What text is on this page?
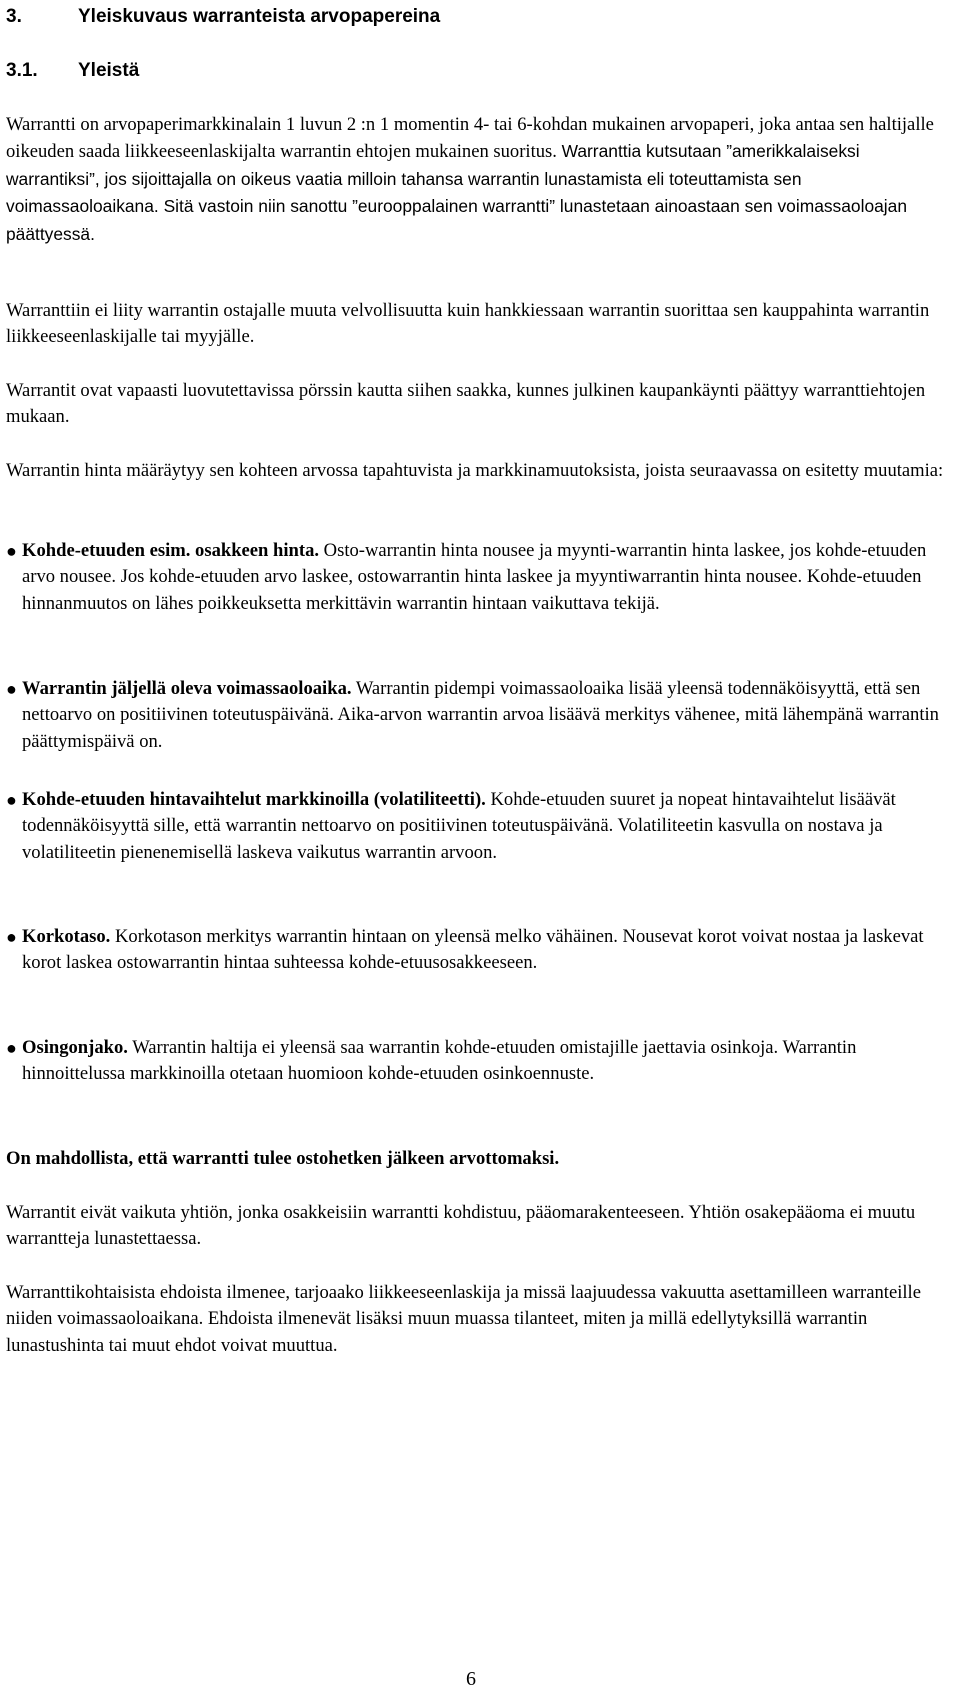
3.	Yleiskuvaus warranteista arvopapereina
3.1. Yleistä

Warrantti on arvopaperimarkkinalain 1 luvun 2 :n 1 momentin 4- tai 6-kohdan mukainen arvopaperi, joka antaa sen haltijalle oikeuden saada liikkeeseenlaskijalta warrantin ehtojen mukainen suoritus. Warranttia kutsutaan ”amerikkalaiseksi warrantiksi”, jos sijoittajalla on oikeus vaatia milloin tahansa warrantin lunastamista eli toteuttamista sen voimassaoloaikana. Sitä vastoin niin sanottu ”eurooppalainen warrantti” lunastetaan ainoastaan sen voimassaoloajan päättyessä.

Warranttiin ei liity warrantin ostajalle muuta velvollisuutta kuin hankkiessaan warrantin suorittaa sen kauppahinta warrantin liikkeeseenlaskijalle tai myyjälle.

Warrantit ovat vapaasti luovutettavissa pörssin kautta siihen saakka, kunnes julkinen kaupankäynti päättyy warranttiehtojen mukaan.

Warrantin hinta määräytyy sen kohteen arvossa tapahtuvista ja markkinamuutoksista, joista seuraavassa on esitetty muutamia:

● Kohde-etuuden esim. osakkeen hinta. Osto-warrantin hinta nousee ja myynti-warrantin hinta laskee, jos kohde-etuuden arvo nousee. Jos kohde-etuuden arvo laskee, ostowarrantin hinta laskee ja myyntiwarrantin hinta nousee. Kohde-etuuden hinnanmuutos on lähes poikkeuksetta merkittävin warrantin hintaan vaikuttava tekijä.
● Warrantin jäljellä oleva voimassaoloaika. Warrantin pidempi voimassaoloaika lisää yleensä todennäköisyyttä, että sen nettoarvo on positiivinen toteutuspäivänä. Aika-arvon warrantin arvoa lisäävä merkitys vähenee, mitä lähempänä warrantin päättymispäivä on.
● Kohde-etuuden hintavaihtelut markkinoilla (volatiliteetti). Kohde-etuuden suuret ja nopeat hintavaihtelut lisäävät todennäköisyyttä sille, että warrantin nettoarvo on positiivinen toteutuspäivänä. Volatiliteetin kasvulla on nostava ja volatiliteetin pienenemisellä laskeva vaikutus warrantin arvoon.
● Korkotaso. Korkotason merkitys warrantin hintaan on yleensä melko vähäinen. Nousevat korot voivat nostaa ja laskevat korot laskea ostowarrantin hintaa suhteessa kohde-etuusosakkeeseen.
● Osingonjako. Warrantin haltija ei yleensä saa warrantin kohde-etuuden omistajille jaettavia osinkoja. Warrantin hinnoittelussa markkinoilla otetaan huomioon kohde-etuuden osinkoennuste.

On mahdollista, että warrantti tulee ostohetken jälkeen arvottomaksi.

Warrantit eivät vaikuta yhtiön, jonka osakkeisiin warrantti kohdistuu, pääomarakenteeseen. Yhtiön osakepääoma ei muutu warrantteja lunastettaessa.

Warranttikohtaisista ehdoista ilmenee, tarjoaako liikkeeseenlaskija ja missä laajuudessa vakuutta asettamilleen warranteille niiden voimassaoloaikana. Ehdoista ilmenevät lisäksi muun muassa tilanteet, miten ja millä edellytyksillä warrantin lunastushinta tai muut ehdot voivat muuttua.

6
